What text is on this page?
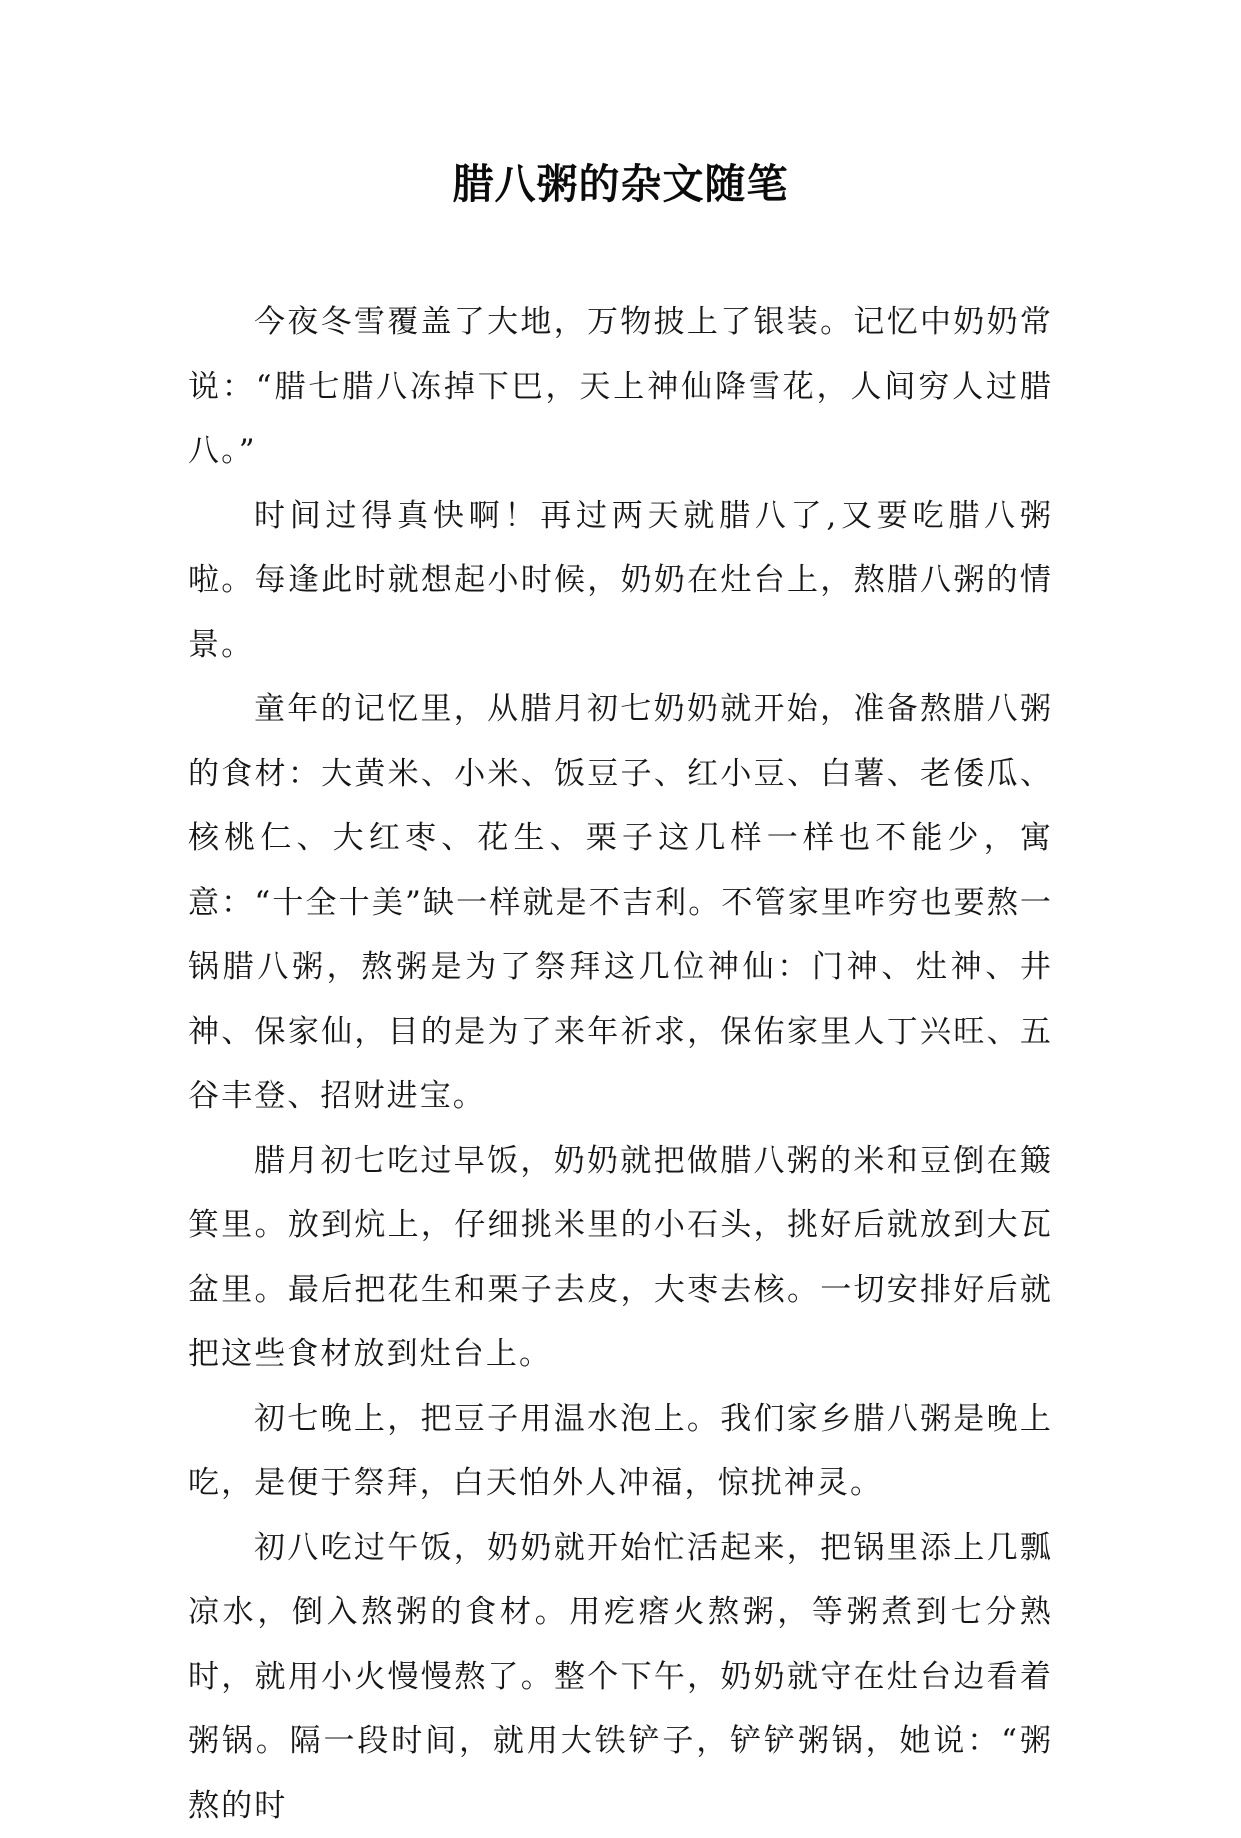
腊八粥的杂文随笔

今夜冬雪覆盖了大地，万物披上了银装。记忆中奶奶常说：“腊七腊八冻掉下巴，天上神仙降雪花，人间穷人过腊八。”

时间过得真快啊！再过两天就腊八了,又要吃腊八粥啦。每逢此时就想起小时候，奶奶在灶台上，熬腊八粥的情景。

童年的记忆里，从腊月初七奶奶就开始，准备熬腊八粥的食材：大黄米、小米、饭豆子、红小豆、白薯、老倭瓜、核桃仁、大红枣、花生、栗子这几样一样也不能少，寓意：“十全十美”缺一样就是不吉利。不管家里咋穷也要熬一锅腊八粥，熬粥是为了祭拜这几位神仙：门神、灶神、井神、保家仙，目的是为了来年祈求，保佑家里人丁兴旺、五谷丰登、招财进宝。

腊月初七吃过早饭，奶奶就把做腊八粥的米和豆倒在簸箕里。放到炕上，仔细挑米里的小石头，挑好后就放到大瓦盆里。最后把花生和栗子去皮，大枣去核。一切安排好后就把这些食材放到灶台上。

初七晚上，把豆子用温水泡上。我们家乡腊八粥是晚上吃，是便于祭拜，白天怕外人冲福，惊扰神灵。

初八吃过午饭，奶奶就开始忙活起来，把锅里添上几瓢凉水，倒入熬粥的食材。用疙瘩火熬粥，等粥煮到七分熟时，就用小火慢慢熬了。整个下午，奶奶就守在灶台边看着粥锅。隔一段时间，就用大铁铲子，铲铲粥锅，她说：“粥熬的时
